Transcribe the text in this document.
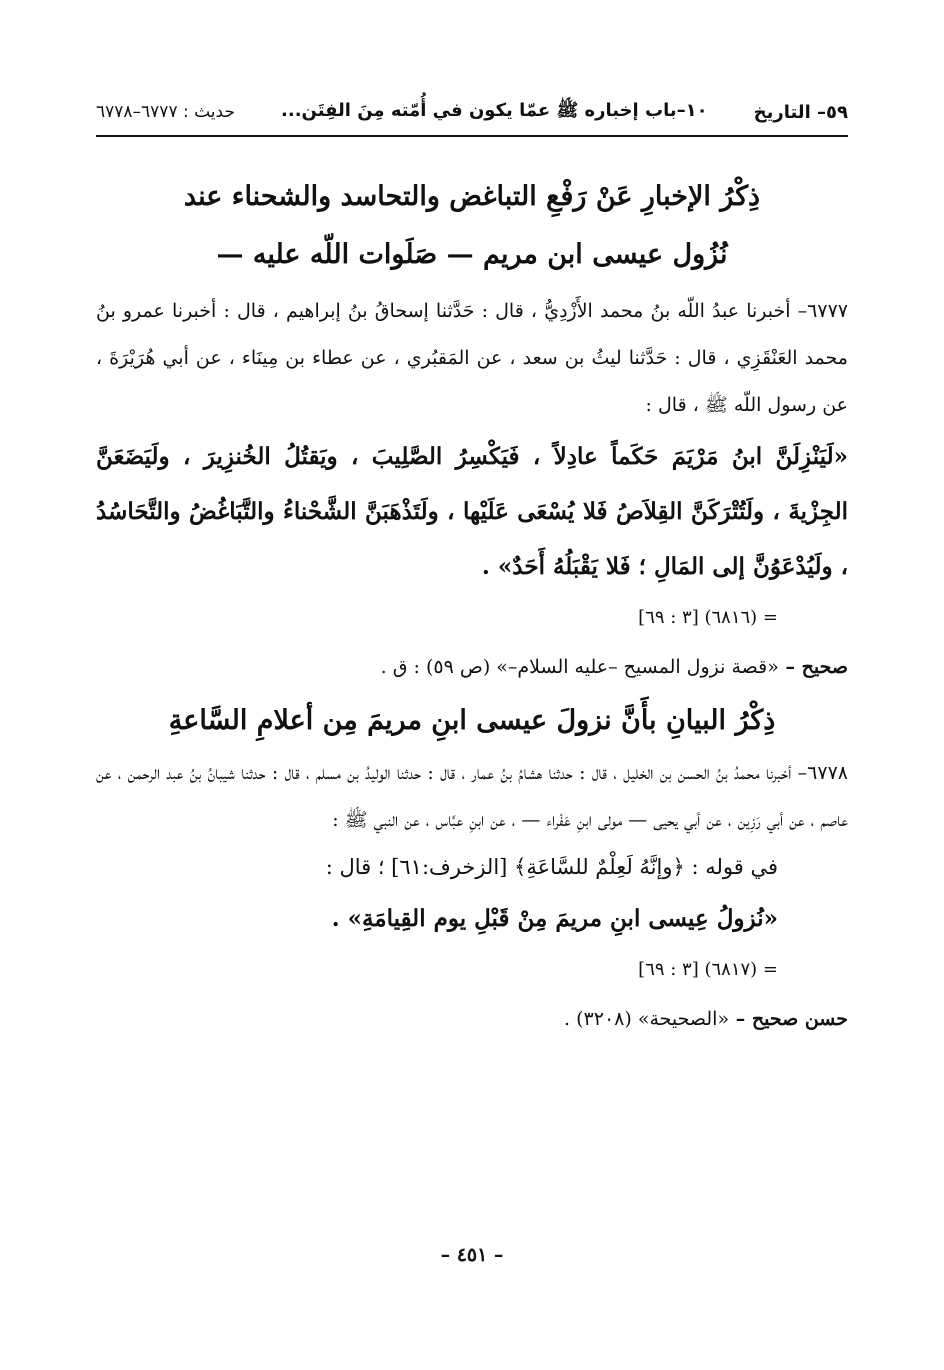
٥٩– التاريخ
١٠–باب إخباره ﷺ عمّا يكون في أُمّته مِنَ الفِتَن...
حديث : ٦٧٧٧–٦٧٧٨

ذِكْرُ الإخبارِ عَنْ رَفْعِ التباغض والتحاسد والشحناء عند

نُزُول عيسى ابن مريم — صَلَوات اللّه عليه —

٦٧٧٧– أخبرنا عبدُ اللّه بنُ محمد الأَزْدِيُّ ، قال : حَدَّثنا إسحاقُ بنُ إبراهيم ، قال : أخبرنا عمرو بنُ محمد العَنْقَزِي ، قال : حَدَّثنا ليثُ بن سعد ، عن المَقبُري ، عن عطاء بن مِينَاء ، عن أبي هُرَيْرَةَ ، عن رسول اللّه ﷺ ، قال :

«لَيَنْزِلَنَّ ابنُ مَرْيَمَ حَكَماً عادِلاً ، فَيَكْسِرُ الصَّلِيبَ ، ويَقتُلُ الخُنزِيرَ ، ولَيَضَعَنَّ الجِزْيةَ ، ولَتُتْرَكَنَّ القِلاَصُ فَلا يُسْعَى عَلَيْها ، ولَتَذْهَبَنَّ الشَّحْناءُ والتَّبَاغُضُ والتَّحَاسُدُ ، ولَيُدْعَوُنَّ إلى المَالِ ؛ فَلا يَقْبَلُهُ أَحَدٌ» .

= (٦٨١٦) [٣ : ٦٩]

صحيح – «قصة نزول المسيح –عليه السلام–» (ص ٥٩) : ق .

ذِكْرُ البيانِ بأَنَّ نزولَ عيسى ابنِ مريمَ مِن أعلامِ السَّاعةِ

٦٧٧٨– أخبرنا محمدُ بنُ الحسن بن الخليل ، قال : حدثنا هشامُ بنُ عمار ، قال : حدثنا الوليدُ بن مسلم ، قال : حدثنا شيبانُ بنُ عبد الرحمن ، عن عاصم ، عن أبي رَزِين ، عن أبي يحيى — مولى ابنِ عَفْراء — ، عن ابنِ عبَّاس ، عن النبي ﷺ :

في قوله : ﴿وإنَّهُ لَعِلْمٌ للسَّاعَةِ﴾ [الزخرف:٦١] ؛ قال :

«نُزولُ عِيسى ابنِ مريمَ مِنْ قَبْلِ يوم القِيامَةِ» .

= (٦٨١٧) [٣ : ٦٩]

حسن صحيح – «الصحيحة» (٣٢٠٨) .

– ٤٥١ –
